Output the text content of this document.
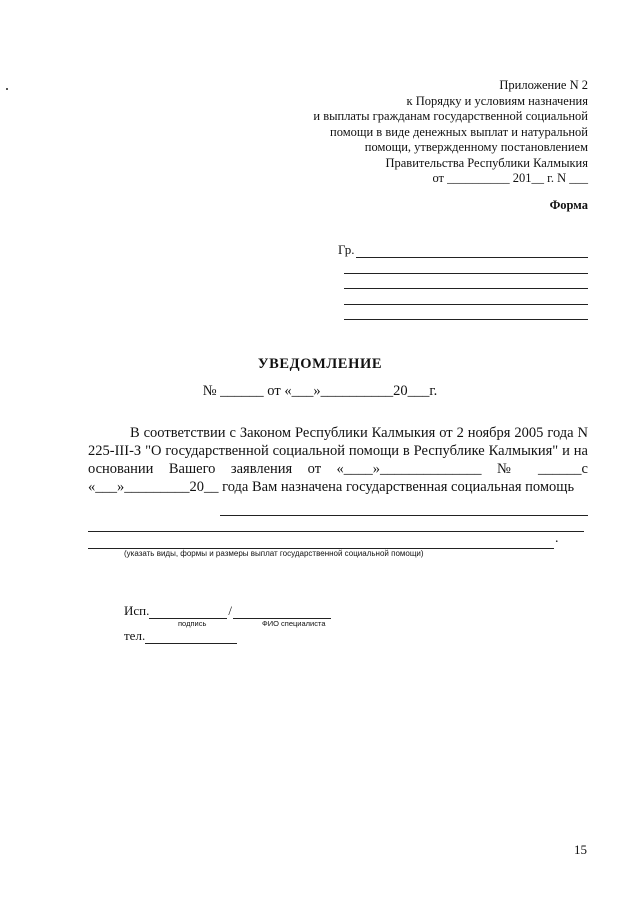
Приложение N 2
к Порядку и условиям назначения
и выплаты гражданам государственной социальной
помощи в виде денежных выплат и натуральной
помощи, утвержденному постановлением
Правительства Республики Калмыкия
от __________ 201__ г. N ___
Форма
Гр.
УВЕДОМЛЕНИЕ
№ ______ от «___»__________20___г.
В соответствии с Законом Республики Калмыкия от 2 ноября 2005 года N 225-III-З "О государственной социальной помощи в Республике Калмыкия" и на основании Вашего заявления от «____»______________ № ______с «___»_________20__ года Вам назначена государственная социальная помощь
.
(указать виды, формы и размеры выплат государственной социальной помощи)
Исп.	/
подпись	ФИО специалиста
тел.
15
